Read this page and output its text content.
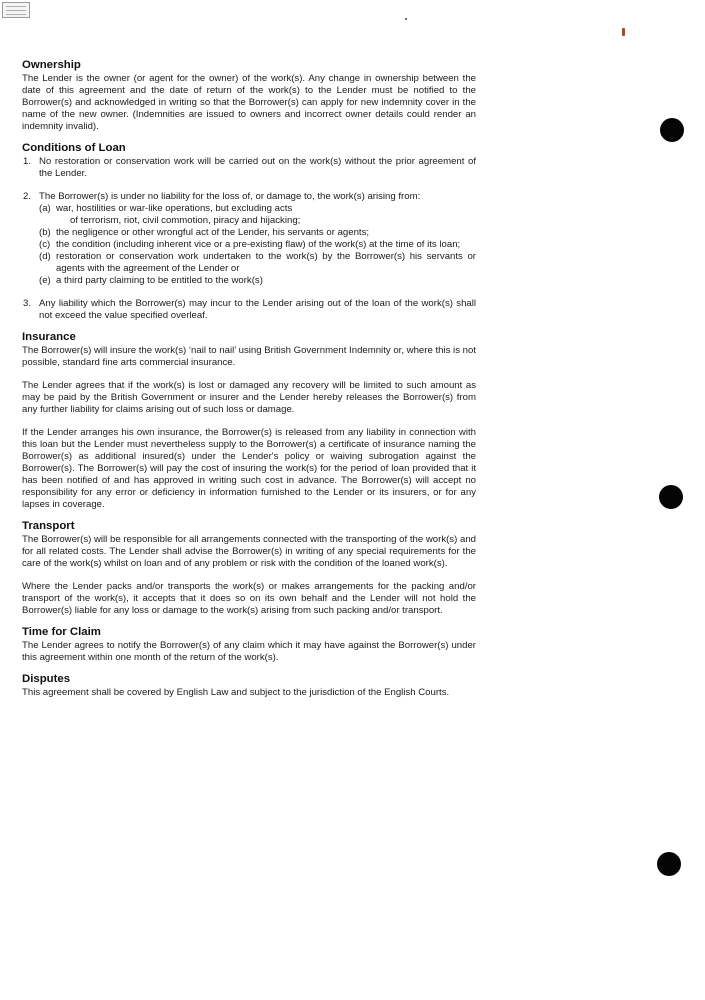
Ownership

The Lender is the owner (or agent for the owner) of the work(s). Any change in ownership between the date of this agreement and the date of return of the work(s) to the Lender must be notified to the Borrower(s) and acknowledged in writing so that the Borrower(s) can apply for new indemnity cover in the name of the new owner. (Indemnities are issued to owners and incorrect owner details could render an indemnity invalid).

Conditions of Loan
1. No restoration or conservation work will be carried out on the work(s) without the prior agreement of the Lender.
2. The Borrower(s) is under no liability for the loss of, or damage to, the work(s) arising from:
(a) war, hostilities or war-like operations, but excluding acts
of terrorism, riot, civil commotion, piracy and hijacking;
(b) the negligence or other wrongful act of the Lender, his servants or agents;
(c) the condition (including inherent vice or a pre-existing flaw) of the work(s) at the time of its loan;
(d) restoration or conservation work undertaken to the work(s) by the Borrower(s) his servants or agents with the agreement of the Lender or
(e) a third party claiming to be entitled to the work(s)
3. Any liability which the Borrower(s) may incur to the Lender arising out of the loan of the work(s) shall not exceed the value specified overleaf.
Insurance

The Borrower(s) will insure the work(s) ‘nail to nail’ using British Government Indemnity or, where this is not possible, standard fine arts commercial insurance.

The Lender agrees that if the work(s) is lost or damaged any recovery will be limited to such amount as may be paid by the British Government or insurer and the Lender hereby releases the Borrower(s) from any further liability for claims arising out of such loss or damage.

If the Lender arranges his own insurance, the Borrower(s) is released from any liability in connection with this loan but the Lender must nevertheless supply to the Borrower(s) a certificate of insurance naming the Borrower(s) as additional insured(s) under the Lender's policy or waiving subrogation against the Borrower(s). The Borrower(s) will pay the cost of insuring the work(s) for the period of loan provided that it has been notified of and has approved in writing such cost in advance. The Borrower(s) will accept no responsibility for any error or deficiency in information furnished to the Lender or its insurers, or for any lapses in coverage.

Transport

The Borrower(s) will be responsible for all arrangements connected with the transporting of the work(s) and for all related costs. The Lender shall advise the Borrower(s) in writing of any special requirements for the care of the work(s) whilst on loan and of any problem or risk with the condition of the loaned work(s).

Where the Lender packs and/or transports the work(s) or makes arrangements for the packing and/or transport of the work(s), it accepts that it does so on its own behalf and the Lender will not hold the Borrower(s) liable for any loss or damage to the work(s) arising from such packing and/or transport.

Time for Claim

The Lender agrees to notify the Borrower(s) of any claim which it may have against the Borrower(s) under this agreement within one month of the return of the work(s).

Disputes

This agreement shall be covered by English Law and subject to the jurisdiction of the English Courts.
